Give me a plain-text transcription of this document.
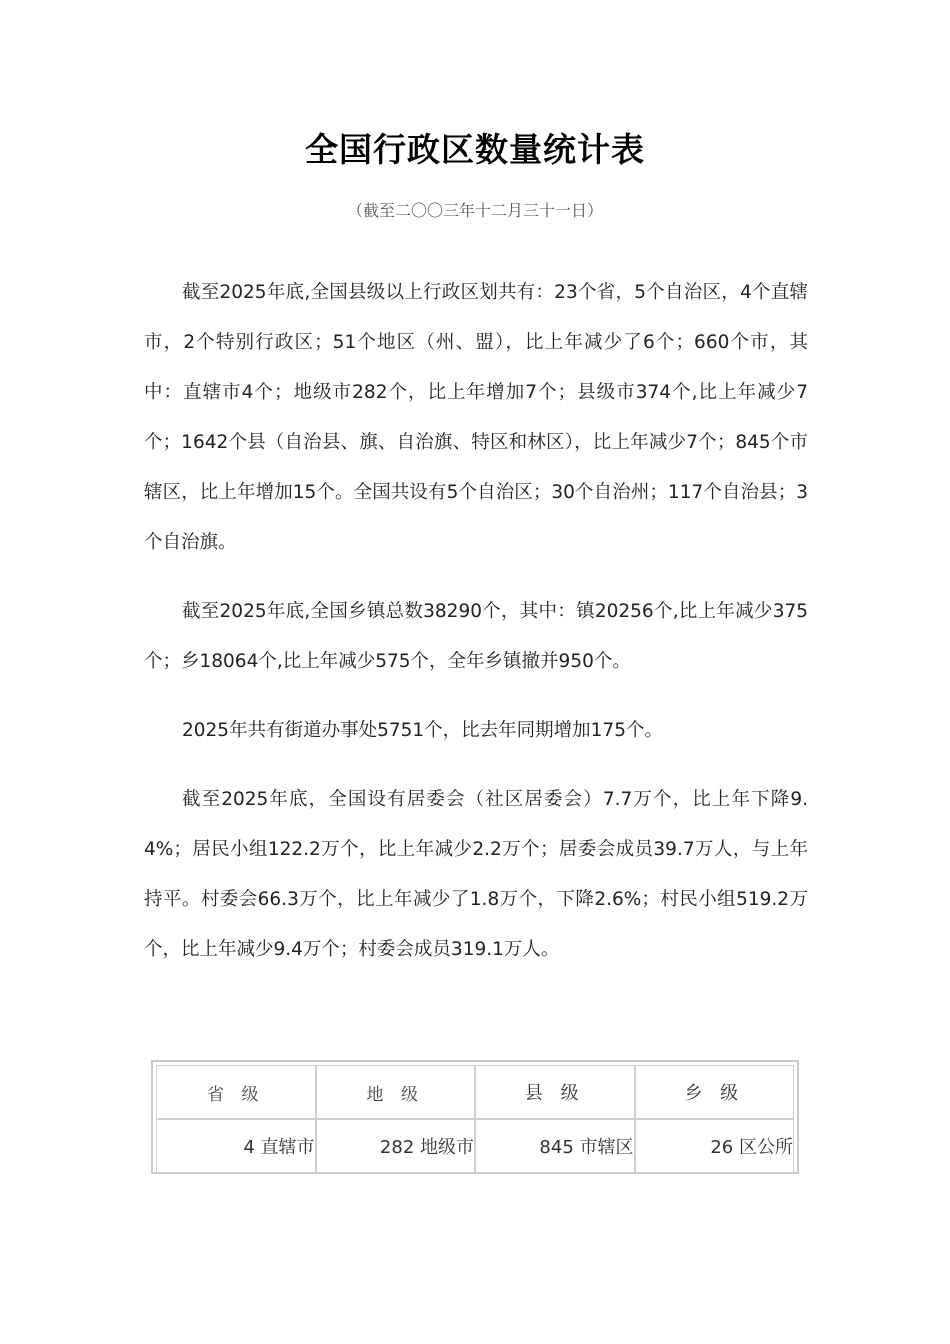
全国行政区数量统计表
（截至二〇〇三年十二月三十一日）

截至2025年底,全国县级以上行政区划共有：23个省，5个自治区，4个直辖市，2个特别行政区；51个地区（州、盟），比上年减少了6个；660个市，其中：直辖市4个；地级市282个，比上年增加7个；县级市374个,比上年减少7个；1642个县（自治县、旗、自治旗、特区和林区），比上年减少7个；845个市辖区，比上年增加15个。全国共设有5个自治区；30个自治州；117个自治县；3个自治旗。

截至2025年底,全国乡镇总数38290个，其中：镇20256个,比上年减少375个；乡18064个,比上年减少575个，全年乡镇撤并950个。

2025年共有街道办事处5751个，比去年同期增加175个。

截至2025年底，全国设有居委会（社区居委会）7.7万个，比上年下降9.4%；居民小组122.2万个，比上年减少2.2万个；居委会成员39.7万人，与上年持平。村委会66.3万个，比上年减少了1.8万个，下降2.6%；村民小组519.2万个，比上年减少9.4万个；村委会成员319.1万人。

省 级	地 级	县 级	乡 级
4 直辖市	282 地级市	845 市辖区	26 区公所
